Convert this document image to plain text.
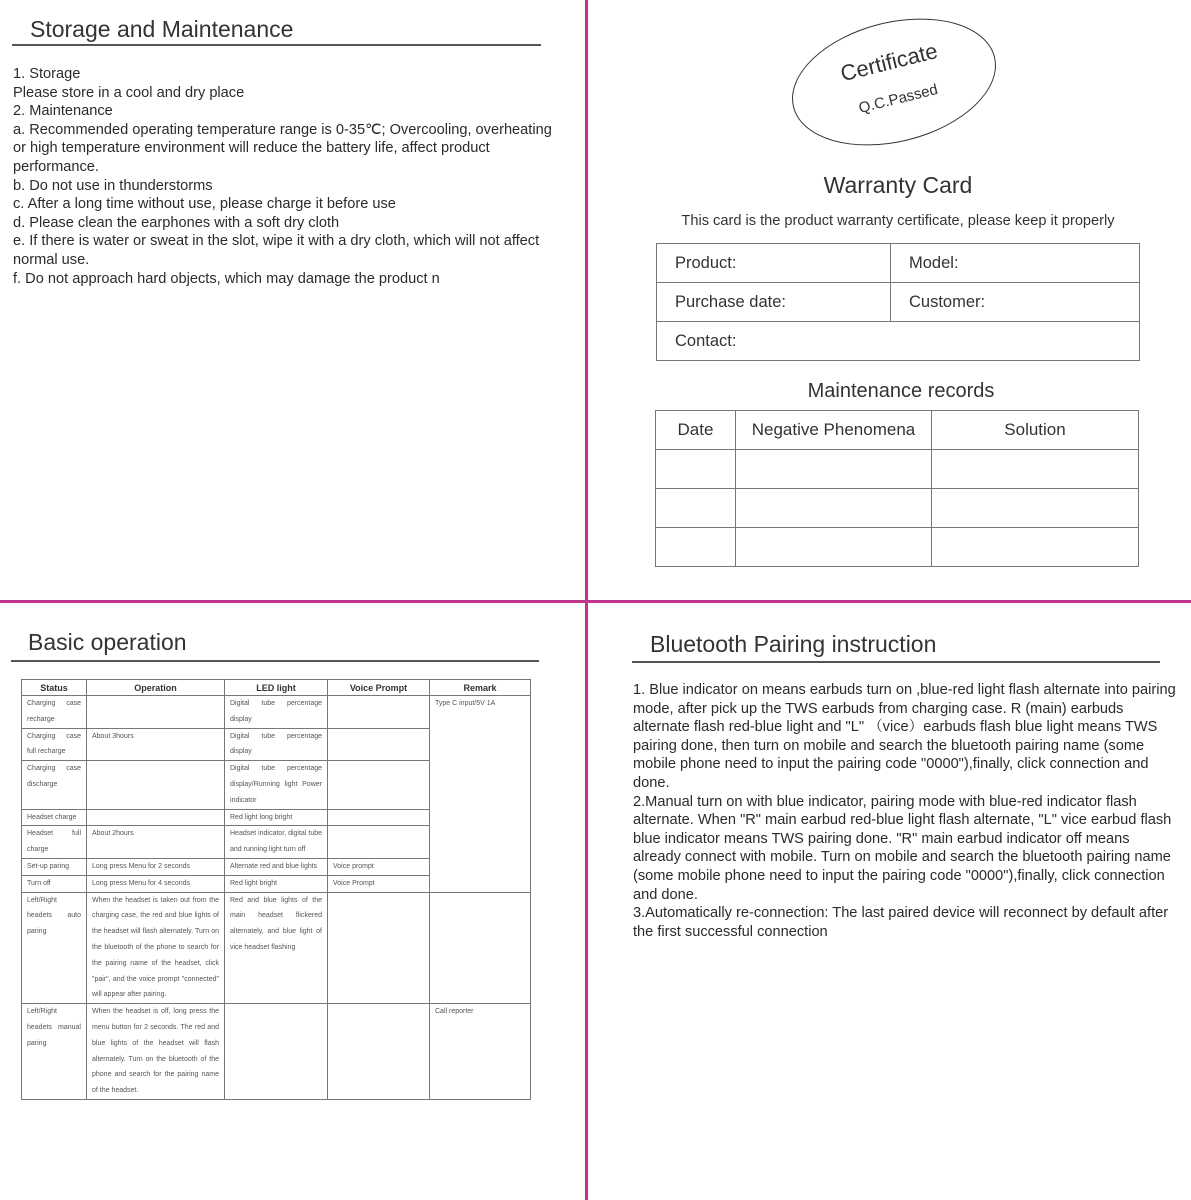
Storage and Maintenance

1. Storage

Please store in a cool and dry place

2. Maintenance

a. Recommended operating temperature range is 0-35℃; Overcooling, overheating or high temperature environment will reduce the battery life, affect product performance.

b. Do not use in thunderstorms

c. After a long time without use, please charge it before use

d. Please clean the earphones with a soft dry cloth

e. If there is water or sweat in the slot, wipe it with a dry cloth, which will not affect normal use.

f. Do not approach hard objects, which may damage the product n

Certificate
Q.C.Passed
Warranty Card
This card is the product warranty certificate, please keep it properly
Product:	Model:
Purchase date:	Customer:
Contact:	
Maintenance records
Date	Negative Phenomena	Solution

Basic operation
Status	Operation	LED light	Voice Prompt	Remark
Charging case recharge		Digital tube percentage display		Type C input/5V 1A
Charging case full recharge	About 3hours	Digital tube percentage display		
Charging case discharge		Digital tube percentage display/Running light Power indicator		
Headset charge		Red light long bright		
Headset full charge	About 2hours	Headset indicator, digital tube and running light turn off		
Set-up paring	Long press Menu for 2 seconds	Alternate red and blue lights	Voice prompt	
Turn off	Long press Menu for 4 seconds	Red light bright	Voice Prompt	
Left/Right headets auto paring	When the headset is taken out from the charging case, the red and blue lights of the headset will flash alternately. Turn on the bluetooth of the phone to search for the pairing name of the headset, click "pair", and the voice prompt "connected" will appear after pairing.	Red and blue lights of the main headset flickered alternately, and blue light of vice headset flashing		
Left/Right headets manual paring	When the headset is off, long press the menu button for 2 seconds. The red and blue lights of the headset will flash alternately. Turn on the bluetooth of the phone and search for the pairing name of the headset.			Call reporter
Bluetooth Pairing instruction

1. Blue indicator on means earbuds turn on ,blue-red light flash alternate into pairing mode, after pick up the TWS earbuds from charging case. R (main) earbuds alternate flash red-blue light and "L" （vice）earbuds flash blue light means TWS pairing done, then turn on mobile and search the bluetooth pairing name (some mobile phone need to input the pairing code "0000"),finally, click connection and done.

2.Manual turn on with blue indicator, pairing mode with blue-red indicator flash alternate. When "R" main earbud red-blue light flash alternate, "L" vice earbud flash blue indicator means TWS pairing done. "R" main earbud indicator off means already connect with mobile. Turn on mobile and search the bluetooth pairing name (some mobile phone need to input the pairing code "0000"),finally, click connection and done.

3.Automatically re-connection: The last paired device will reconnect by default after the first successful connection
